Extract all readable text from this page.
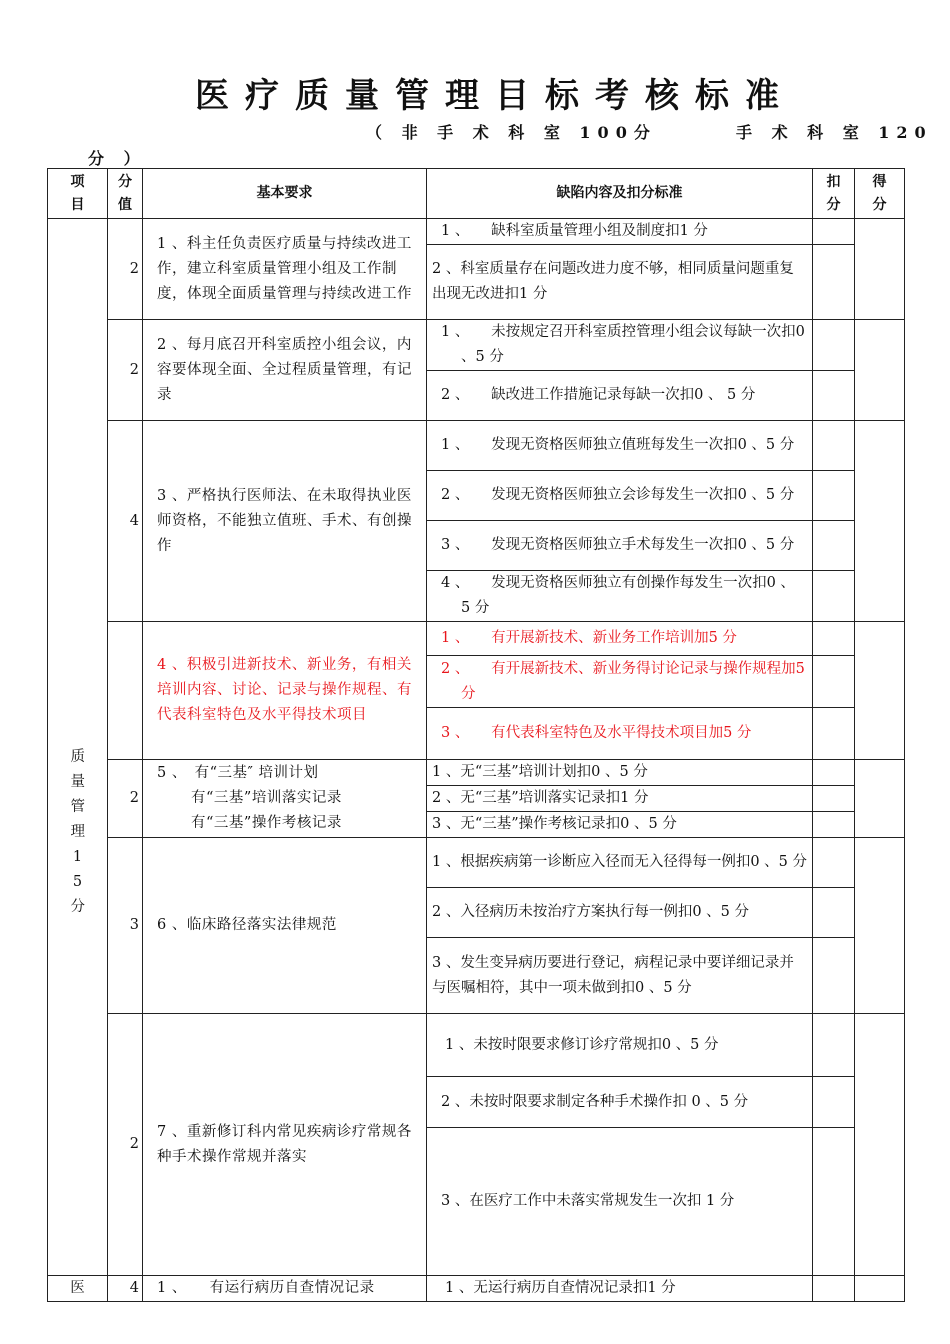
医疗质量管理目标考核标准
（ 非 手 术 科 室 100分	手 术 科 室 120
分 ）
项目	分值	基本要求	缺陷内容及扣分标准	扣分	得分
质量管理15分	2	1 、科主任负责医疗质量与持续改进工作，建立科室质量管理小组及工作制度，体现全面质量管理与持续改进工作	1 、　　缺科室质量管理小组及制度扣1 分		
			2 、科室质量存在问题改进力度不够，相同质量问题重复出现无改进扣1 分		
	2	2 、每月底召开科室质控小组会议，内容要体现全面、全过程质量管理，有记录	1 、　　未按规定召开科室质控管理小组会议每缺一次扣0 、5 分		
			2 、　　缺改进工作措施记录每缺一次扣0 、 5 分		
	4	3 、严格执行医师法、在未取得执业医师资格，不能独立值班、手术、有创操作	1 、　　发现无资格医师独立值班每发生一次扣0 、5 分		
			2 、　　发现无资格医师独立会诊每发生一次扣0 、5 分		
			3 、　　发现无资格医师独立手术每发生一次扣0 、5 分		
			4 、　　发现无资格医师独立有创操作每发生一次扣0 、 5 分		
		4 、积极引进新技术、新业务，有相关培训内容、讨论、记录与操作规程、有代表科室特色及水平得技术项目	1 、　　有开展新技术、新业务工作培训加5 分		
			2 、　　有开展新技术、新业务得讨论记录与操作规程加5 分		
			3 、　　有代表科室特色及水平得技术项目加5 分		
	2	5 、　有“三基″ 培训计划
有“三基”培训落实记录
有“三基”操作考核记录	1 、无“三基”培训计划扣0 、5 分		
			2 、无“三基”培训落实记录扣1 分		
			3 、无“三基”操作考核记录扣0 、5 分		
	3	6 、临床路径落实法律规范	1 、根据疾病第一诊断应入径而无入径得每一例扣0 、5 分		
			2 、入径病历未按治疗方案执行每一例扣0 、5 分		
			3 、发生变异病历要进行登记，病程记录中要详细记录并与医嘱相符，其中一项未做到扣0 、5 分		
	2	7 、重新修订科内常见疾病诊疗常规各种手术操作常规并落实	1 、未按时限要求修订诊疗常规扣0 、5 分		
			2 、未按时限要求制定各种手术操作扣 0 、5 分		
			3 、在医疗工作中未落实常规发生一次扣 1 分		
医	4	1 、　　有运行病历自查情况记录	1 、无运行病历自查情况记录扣1 分		
